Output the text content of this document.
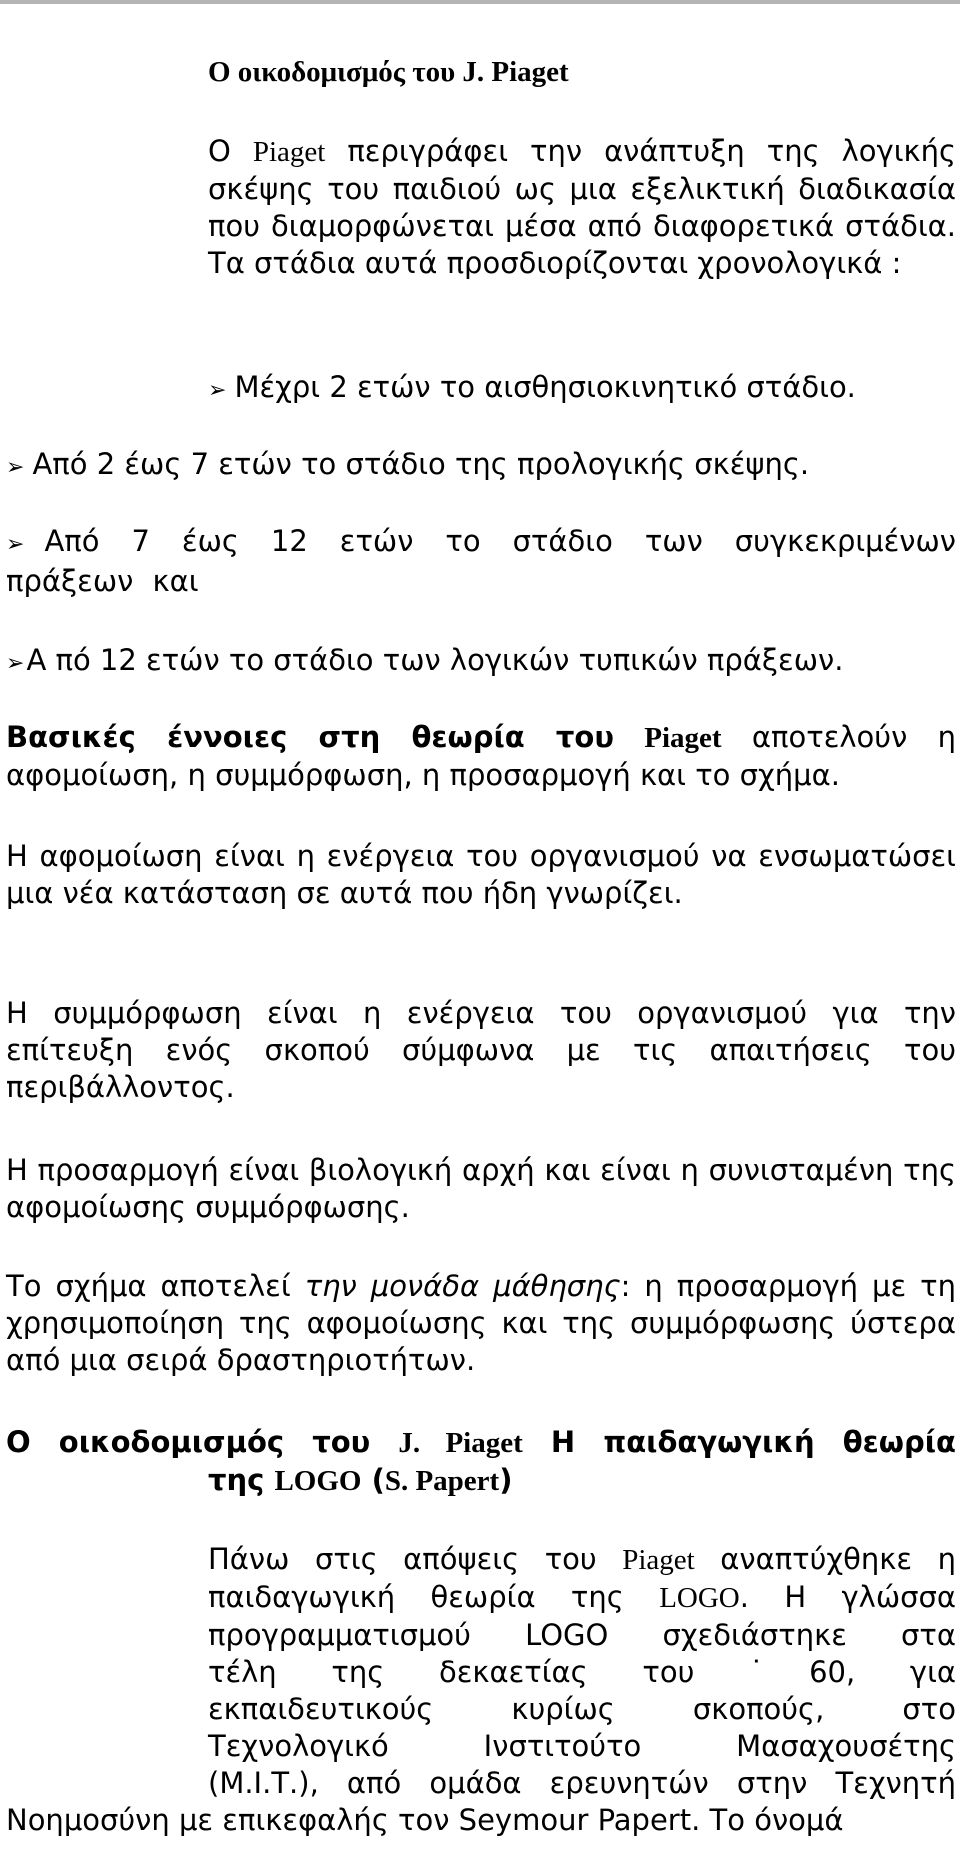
Ο οικοδομισμός του J. Piaget
Ο Piaget περιγράφει την ανάπτυξη της λογικής σκέψης του παιδιού ως μια εξελικτική διαδικασία που διαμορφώνεται μέσα από διαφορετικά στάδια. Τα στάδια αυτά προσδιορίζονται χρονολογικά :
➢ Μέχρι 2 ετών το αισθησιοκινητικό στάδιο.
➢ Από 2 έως 7 ετών το στάδιο της προλογικής σκέψης.
➢ Από 7 έως 12 ετών το στάδιο των συγκεκριμένων πράξεων και
➢Α πό 12 ετών το στάδιο των λογικών τυπικών πράξεων.
Βασικές έννοιες στη θεωρία του Piaget αποτελούν η αφομοίωση, η συμμόρφωση, η προσαρμογή και το σχήμα.
Η αφομοίωση είναι η ενέργεια του οργανισμού να ενσωματώσει μια νέα κατάσταση σε αυτά που ήδη γνωρίζει.
Η συμμόρφωση είναι η ενέργεια του οργανισμού για την επίτευξη ενός σκοπού σύμφωνα με τις απαιτήσεις του περιβάλλοντος.
Η προσαρμογή είναι βιολογική αρχή και είναι η συνισταμένη της αφομοίωσης συμμόρφωσης.
Το σχήμα αποτελεί την μονάδα μάθησης: η προσαρμογή με τη χρησιμοποίηση της αφομοίωσης και της συμμόρφωσης ύστερα από μια σειρά δραστηριοτήτων.
Ο οικοδομισμός του J. Piaget Η παιδαγωγική θεωρία
της LOGO (S. Papert)
Πάνω στις απόψεις του Piaget αναπτύχθηκε η
παιδαγωγική θεωρία της LOGO. Η γλώσσα
προγραμματισμού LOGO σχεδιάστηκε στα
τέλη της δεκαετίας του ˙60, για
εκπαιδευτικούς κυρίως σκοπούς, στο
Τεχνολογικό Ινστιτούτο Μασαχουσέτης
(Μ.Ι.Τ.), από ομάδα ερευνητών στην Τεχνητή
Νοημοσύνη με επικεφαλής τον Seymour Papert. Το όνομά
